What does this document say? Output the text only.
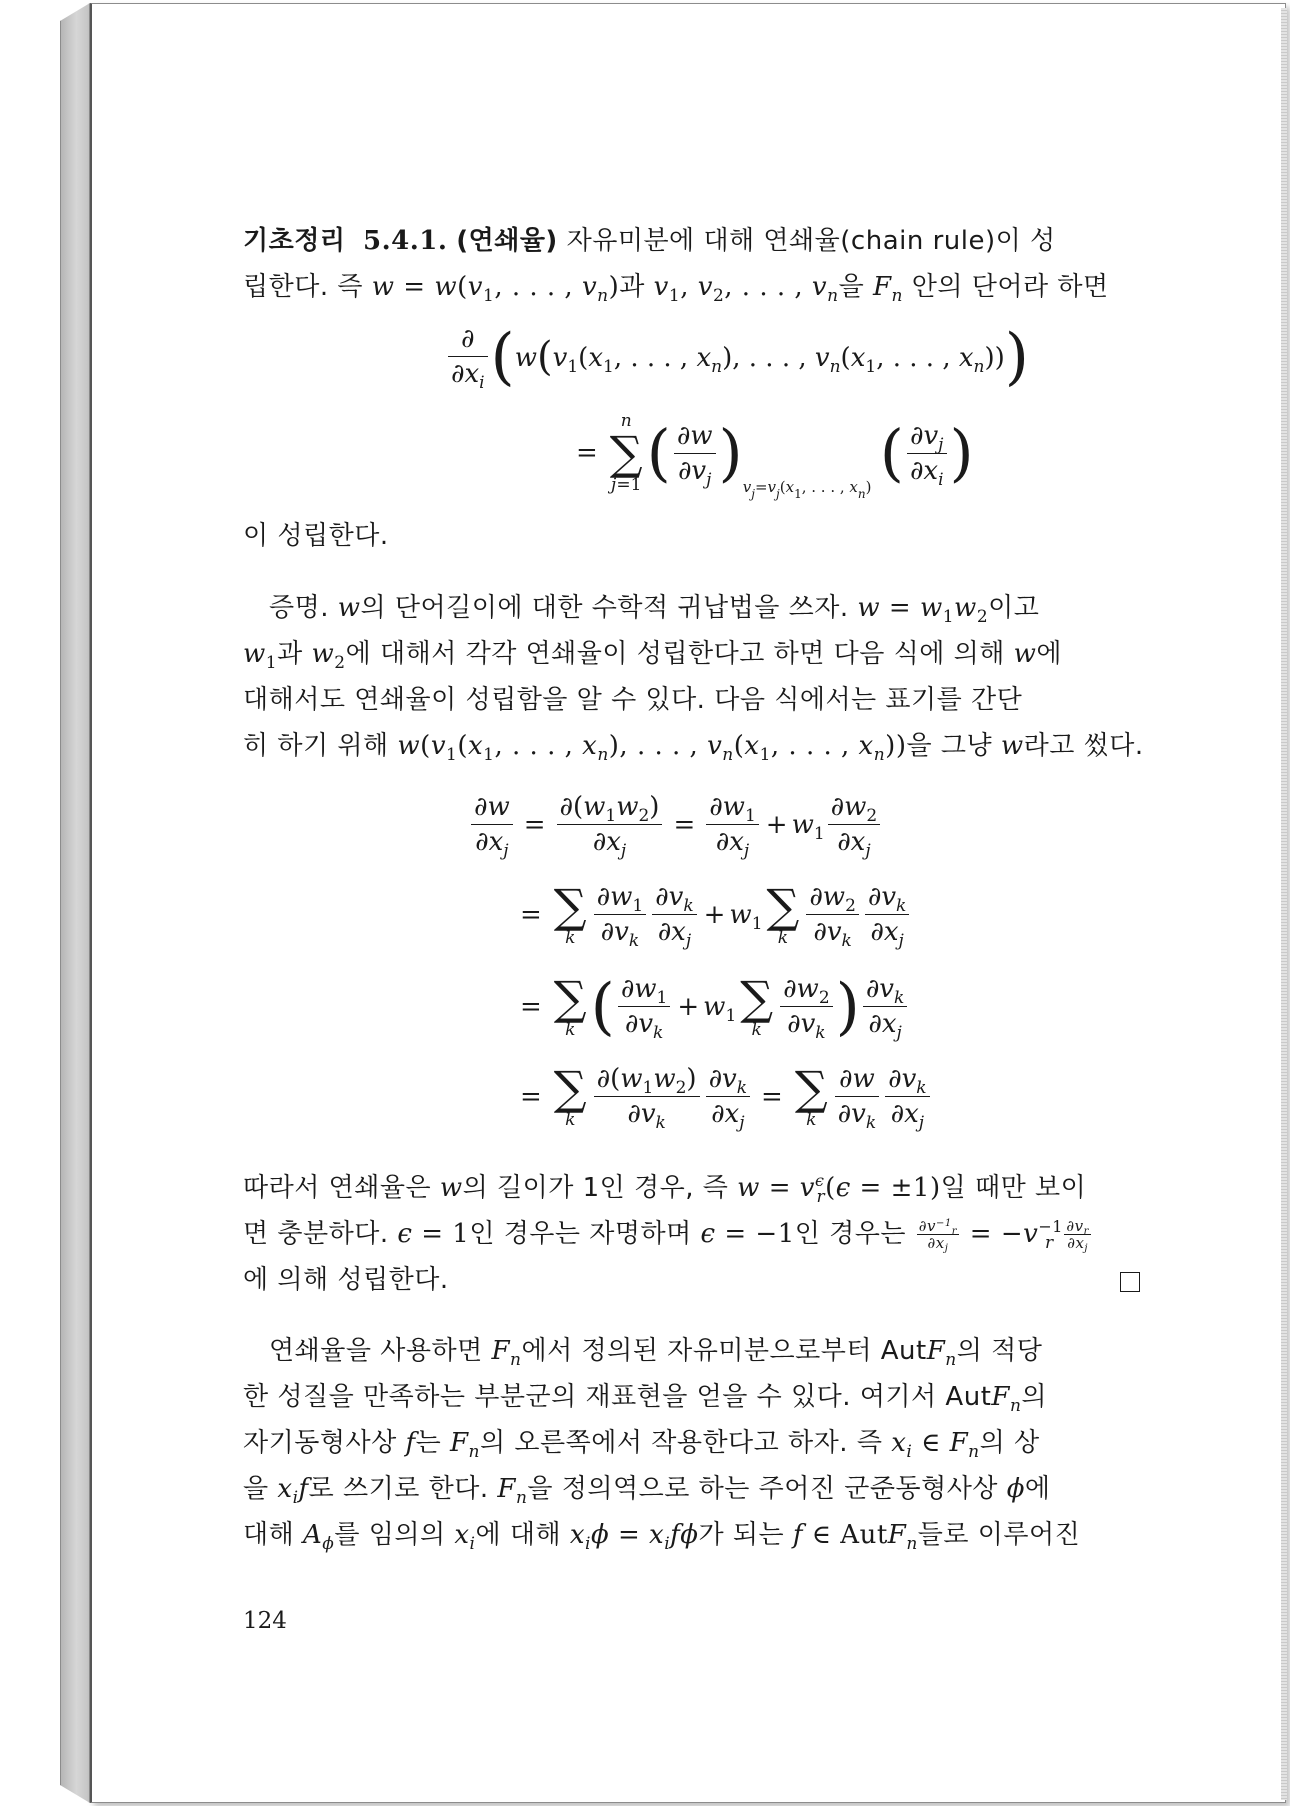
기초정리 5.4.1. (연쇄율) 자유미분에 대해 연쇄율(chain rule)이 성
립한다. 즉 $w = w(v_1$, . . . , $v_n$)과 $v_1$, $v_2$, . . . , $v_n$을 $F_n$ 안의 단어라 하면
$\frac{\partial}{\partial x_i} (w(v_1(x_1$, . . . , $x_n$), . . . , $v_n(x_1$, . . . , $x_n$)))
=
n
∑
j=1 ( $\frac{\partial w}{\partial v_j} )_{v_j=v_j(x_1, . . . , x_n)}$ ( $\frac{\partial v_j}{\partial x_i}$ )
이 성립한다.
증명. w의 단어길이에 대한 수학적 귀납법을 쓰자. $w = w_1w_2$이고
$w_1$과 $w_2$에 대해서 각각 연쇄율이 성립한다고 하면 다음 식에 의해 w에
대해서도 연쇄율이 성립함을 알 수 있다. 다음 식에서는 표기를 간단
히 하기 위해 $w(v_1(x_1$, . . . , $x_n$), . . . , $v_n(x_1$, . . . , $x_n$))을 그냥 w라고 썼다.
$\frac{\partial w}{\partial x_j} = \frac{\partial(w_1w_2)}{\partial x_j} = \frac{\partial w_1}{\partial x_j} + w_1 \frac{\partial w_2}{\partial x_j}$
= ∑
k $\frac{\partial w_1}{\partial v_k} \frac{\partial v_k}{\partial x_j} + w_1$ ∑
k $\frac{\partial w_2}{\partial v_k} \frac{\partial v_k}{\partial x_j}$
= ∑
k ( $\frac{\partial w_1}{\partial v_k} + w_1$ ∑
k $\frac{\partial w_2}{\partial v_k}$ ) $\frac{\partial v_k}{\partial x_j}$
= ∑
k $\frac{\partial(w_1w_2)}{\partial v_k} \frac{\partial v_k}{\partial x_j}$ = ∑
k $\frac{\partial w}{\partial v_k} \frac{\partial v_k}{\partial x_j}$
따라서 연쇄율은 w의 길이가 1인 경우, 즉 $w = v^\epsilon_r(\epsilon = \pm 1)$일 때만 보이
면 충분하다. ϵ = 1인 경우는 자명하며 ϵ = −1인 경우는 $\frac{\partial v^{-1}_r}{\partial x_j} = -v^{-1}_r \frac{\partial v_r}{\partial x_j}$
에 의해 성립한다.
연쇄율을 사용하면 $F_n$에서 정의된 자유미분으로부터 AutF$_n$의 적당
한 성질을 만족하는 부분군의 재표현을 얻을 수 있다. 여기서 AutF$_n$의
자기동형사상 f는 $F_n$의 오른쪽에서 작용한다고 하자. 즉 $x_i$ ∈ $F_n$의 상
을 $x_if$로 쓰기로 한다. $F_n$을 정의역으로 하는 주어진 군준동형사상 ϕ에
대해 $A_\phi$를 임의의 $x_i$에 대해 $x_i\phi = x_if\phi$가 되는 f ∈ AutF$_n$들로 이루어진
124
